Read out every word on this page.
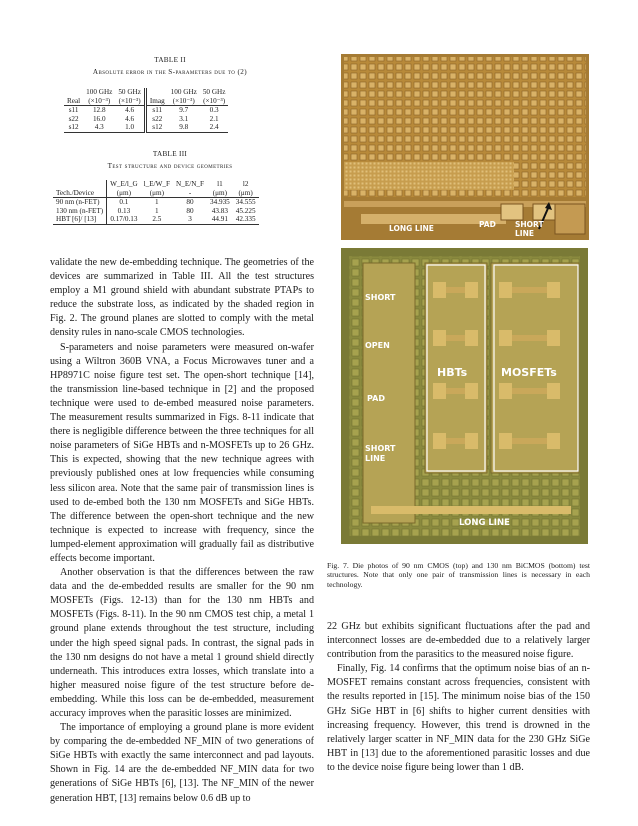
TABLE II
Absolute error in the S-parameters due to (2)
	100 GHz	50 GHz		100 GHz	50 GHz
Real	(×10⁻³)	(×10⁻³)	Imag	(×10⁻³)	(×10⁻³)
s11	12.8	4.6	s11	9.7	0.3
s22	16.0	4.6	s22	3.1	2.1
s12	4.3	1.0	s12	9.8	2.4
TABLE III
Test structure and device geometries
	W_E/l_G	l_E/W_F	N_E/N_F	l1	l2
Tech./Device	(μm)	(μm)	-	(μm)	(μm)
90 nm (n-FET)	0.1	1	80	34.935	34.555
130 nm (n-FET)	0.13	1	80	43.83	45.225
HBT [6]/ [13]	0.17/0.13	2.5	3	44.91	42.335

validate the new de-embedding technique. The geometries of the devices are summarized in Table III. All the test structures employ a M1 ground shield with abundant substrate PTAPs to reduce the substrate loss, as indicated by the shaded region in Fig. 2. The ground planes are slotted to comply with the metal density rules in nano-scale CMOS technologies.

S-parameters and noise parameters were measured on-wafer using a Wiltron 360B VNA, a Focus Microwaves tuner and a HP8971C noise figure test set. The open-short technique [14], the transmission line-based technique in [2] and the proposed technique were used to de-embed measured noise parameters. The measurement results summarized in Figs. 8-11 indicate that there is negligible difference between the three techniques for all noise parameters of SiGe HBTs and n-MOSFETs up to 26 GHz. This is expected, showing that the new technique agrees with previously published ones at low frequencies while consuming less silicon area. Note that the same pair of transmission lines is used to de-embed both the 130 nm MOSFETs and SiGe HBTs. The difference between the open-short technique and the new technique is expected to increase with frequency, since the lumped-element approximation will gradually fail as distributive effects become important.

Another observation is that the differences between the raw data and the de-embedded results are smaller for the 90 nm MOSFETs (Figs. 12-13) than for the 130 nm HBTs and MOSFETs (Figs. 8-11). In the 90 nm CMOS test chip, a metal 1 ground plane extends throughout the test structure, including under the high speed signal pads. In contrast, the signal pads in the 130 nm designs do not have a metal 1 ground shield directly underneath. This introduces extra losses, which translate into a higher measured noise figure of the test structure before de-embedding. While this loss can be de-embedded, measurement accuracy improves when the parasitic losses are minimized.

The importance of employing a ground plane is more evident by comparing the de-embedded NF_MIN of two generations of SiGe HBTs with exactly the same interconnect and pad layouts. Shown in Fig. 14 are the de-embedded NF_MIN data for two generations of SiGe HBTs [6], [13]. The NF_MIN of the newer generation HBT, [13] remains below 0.6 dB up to

LONG LINE	PAD	SHORT LINE
SHORT
OPEN
PAD
SHORT LINE
HBTs	MOSFETs
LONG LINE
Fig. 7. Die photos of 90 nm CMOS (top) and 130 nm BiCMOS (bottom) test structures. Note that only one pair of transmission lines is necessary in each technology.

22 GHz but exhibits significant fluctuations after the pad and interconnect losses are de-embedded due to a relatively larger contribution from the parasitics to the measured noise figure.

Finally, Fig. 14 confirms that the optimum noise bias of an n-MOSFET remains constant across frequencies, consistent with the results reported in [15]. The minimum noise bias of the 150 GHz SiGe HBT in [6] shifts to higher current densities with increasing frequency. However, this trend is drowned in the relatively larger scatter in NF_MIN data for the 230 GHz SiGe HBT in [13] due to the aforementioned parasitic losses and due to the device noise figure being lower than 1 dB.
